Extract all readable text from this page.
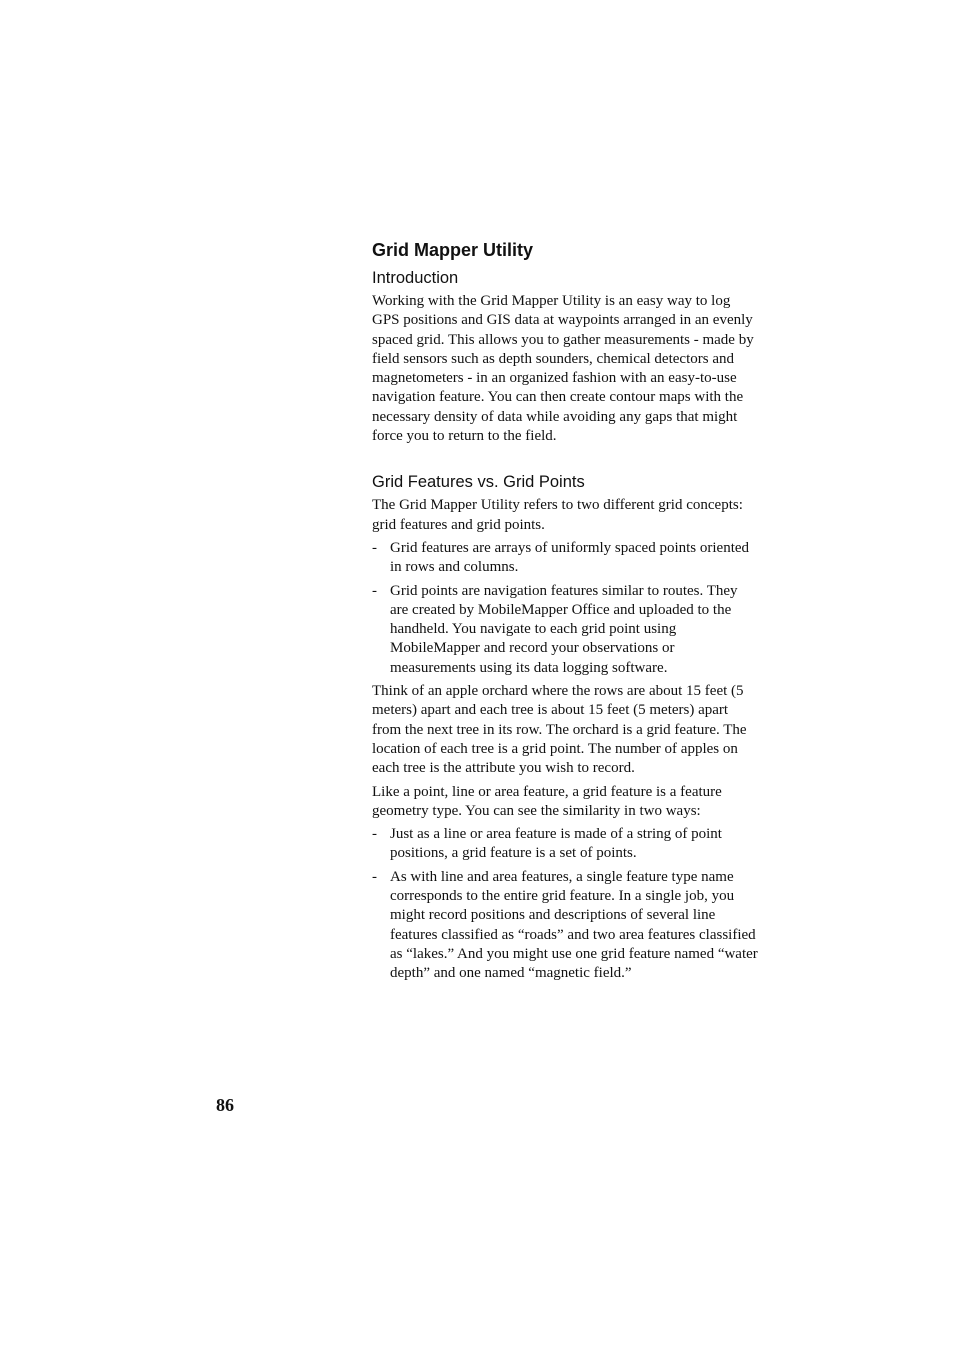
Grid Mapper Utility
Introduction

Working with the Grid Mapper Utility is an easy way to log GPS positions and GIS data at waypoints arranged in an evenly spaced grid. This allows you to gather measurements - made by field sensors such as depth sounders, chemical detectors and magnetometers - in an organized fashion with an easy-to-use navigation feature. You can then create contour maps with the necessary density of data while avoiding any gaps that might force you to return to the field.

Grid Features vs. Grid Points

The Grid Mapper Utility refers to two different grid concepts: grid features and grid points.

- Grid features are arrays of uniformly spaced points oriented in rows and columns.
- Grid points are navigation features similar to routes. They are created by MobileMapper Office and uploaded to the handheld. You navigate to each grid point using MobileMapper and record your observations or measurements using its data logging software.

Think of an apple orchard where the rows are about 15 feet (5 meters) apart and each tree is about 15 feet (5 meters) apart from the next tree in its row. The orchard is a grid feature. The location of each tree is a grid point. The number of apples on each tree is the attribute you wish to record.

Like a point, line or area feature, a grid feature is a feature geometry type. You can see the similarity in two ways:

- Just as a line or area feature is made of a string of point positions, a grid feature is a set of points.
- As with line and area features, a single feature type name corresponds to the entire grid feature. In a single job, you might record positions and descriptions of several line features classified as “roads” and two area features classified as “lakes.” And you might use one grid feature named “water depth” and one named “magnetic field.”
86
